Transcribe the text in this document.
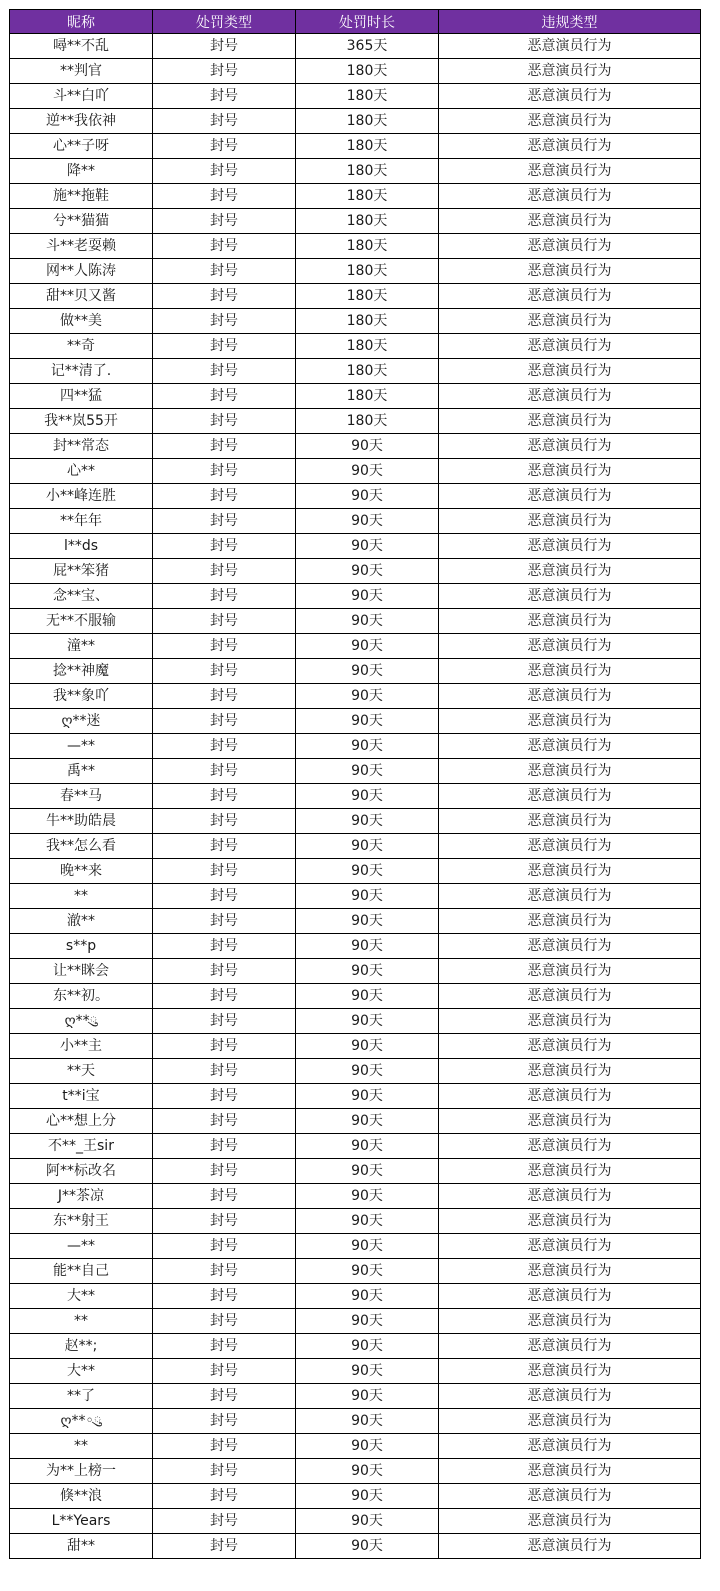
昵称	处罚类型	处罚时长	违规类型
噚**不乱	封号	365天	恶意演员行为
**判官	封号	180天	恶意演员行为
斗**白吖	封号	180天	恶意演员行为
逆**我依神	封号	180天	恶意演员行为
心**子呀	封号	180天	恶意演员行为
降**	封号	180天	恶意演员行为
施**拖鞋	封号	180天	恶意演员行为
兮**猫猫	封号	180天	恶意演员行为
斗**老耍赖	封号	180天	恶意演员行为
网**人陈涛	封号	180天	恶意演员行为
甜**贝又酱	封号	180天	恶意演员行为
做**美	封号	180天	恶意演员行为
**奇	封号	180天	恶意演员行为
记**清了.	封号	180天	恶意演员行为
四**猛	封号	180天	恶意演员行为
我**岚55开	封号	180天	恶意演员行为
封**常态	封号	90天	恶意演员行为
心**	封号	90天	恶意演员行为
小**峰连胜	封号	90天	恶意演员行为
**年年	封号	90天	恶意演员行为
l**ds	封号	90天	恶意演员行为
屁**笨猪	封号	90天	恶意演员行为
念**宝、	封号	90天	恶意演员行为
无**不服输	封号	90天	恶意演员行为
潼**	封号	90天	恶意演员行为
捻**神魔	封号	90天	恶意演员行为
我**象吖	封号	90天	恶意演员行为
ღ**迷	封号	90天	恶意演员行为
—**	封号	90天	恶意演员行为
禹**	封号	90天	恶意演员行为
春**马	封号	90天	恶意演员行为
牛**助皓晨	封号	90天	恶意演员行为
我**怎么看	封号	90天	恶意演员行为
晚**来	封号	90天	恶意演员行为
**	封号	90天	恶意演员行为
澈**	封号	90天	恶意演员行为
s**p	封号	90天	恶意演员行为
让**眯会	封号	90天	恶意演员行为
东**初。	封号	90天	恶意演员行为
ღ**ུ	封号	90天	恶意演员行为
小**主	封号	90天	恶意演员行为
**天	封号	90天	恶意演员行为
t**i宝	封号	90天	恶意演员行为
心**想上分	封号	90天	恶意演员行为
不**_王sir	封号	90天	恶意演员行为
阿**标改名	封号	90天	恶意演员行为
J**茶凉	封号	90天	恶意演员行为
东**射王	封号	90天	恶意演员行为
—**	封号	90天	恶意演员行为
能**自己	封号	90天	恶意演员行为
大**	封号	90天	恶意演员行为
**	封号	90天	恶意演员行为
赵**;	封号	90天	恶意演员行为
大**	封号	90天	恶意演员行为
**了	封号	90天	恶意演员行为
ღ**◦ུ	封号	90天	恶意演员行为
**	封号	90天	恶意演员行为
为**上榜一	封号	90天	恶意演员行为
倏**浪	封号	90天	恶意演员行为
L**Years	封号	90天	恶意演员行为
甜**	封号	90天	恶意演员行为
